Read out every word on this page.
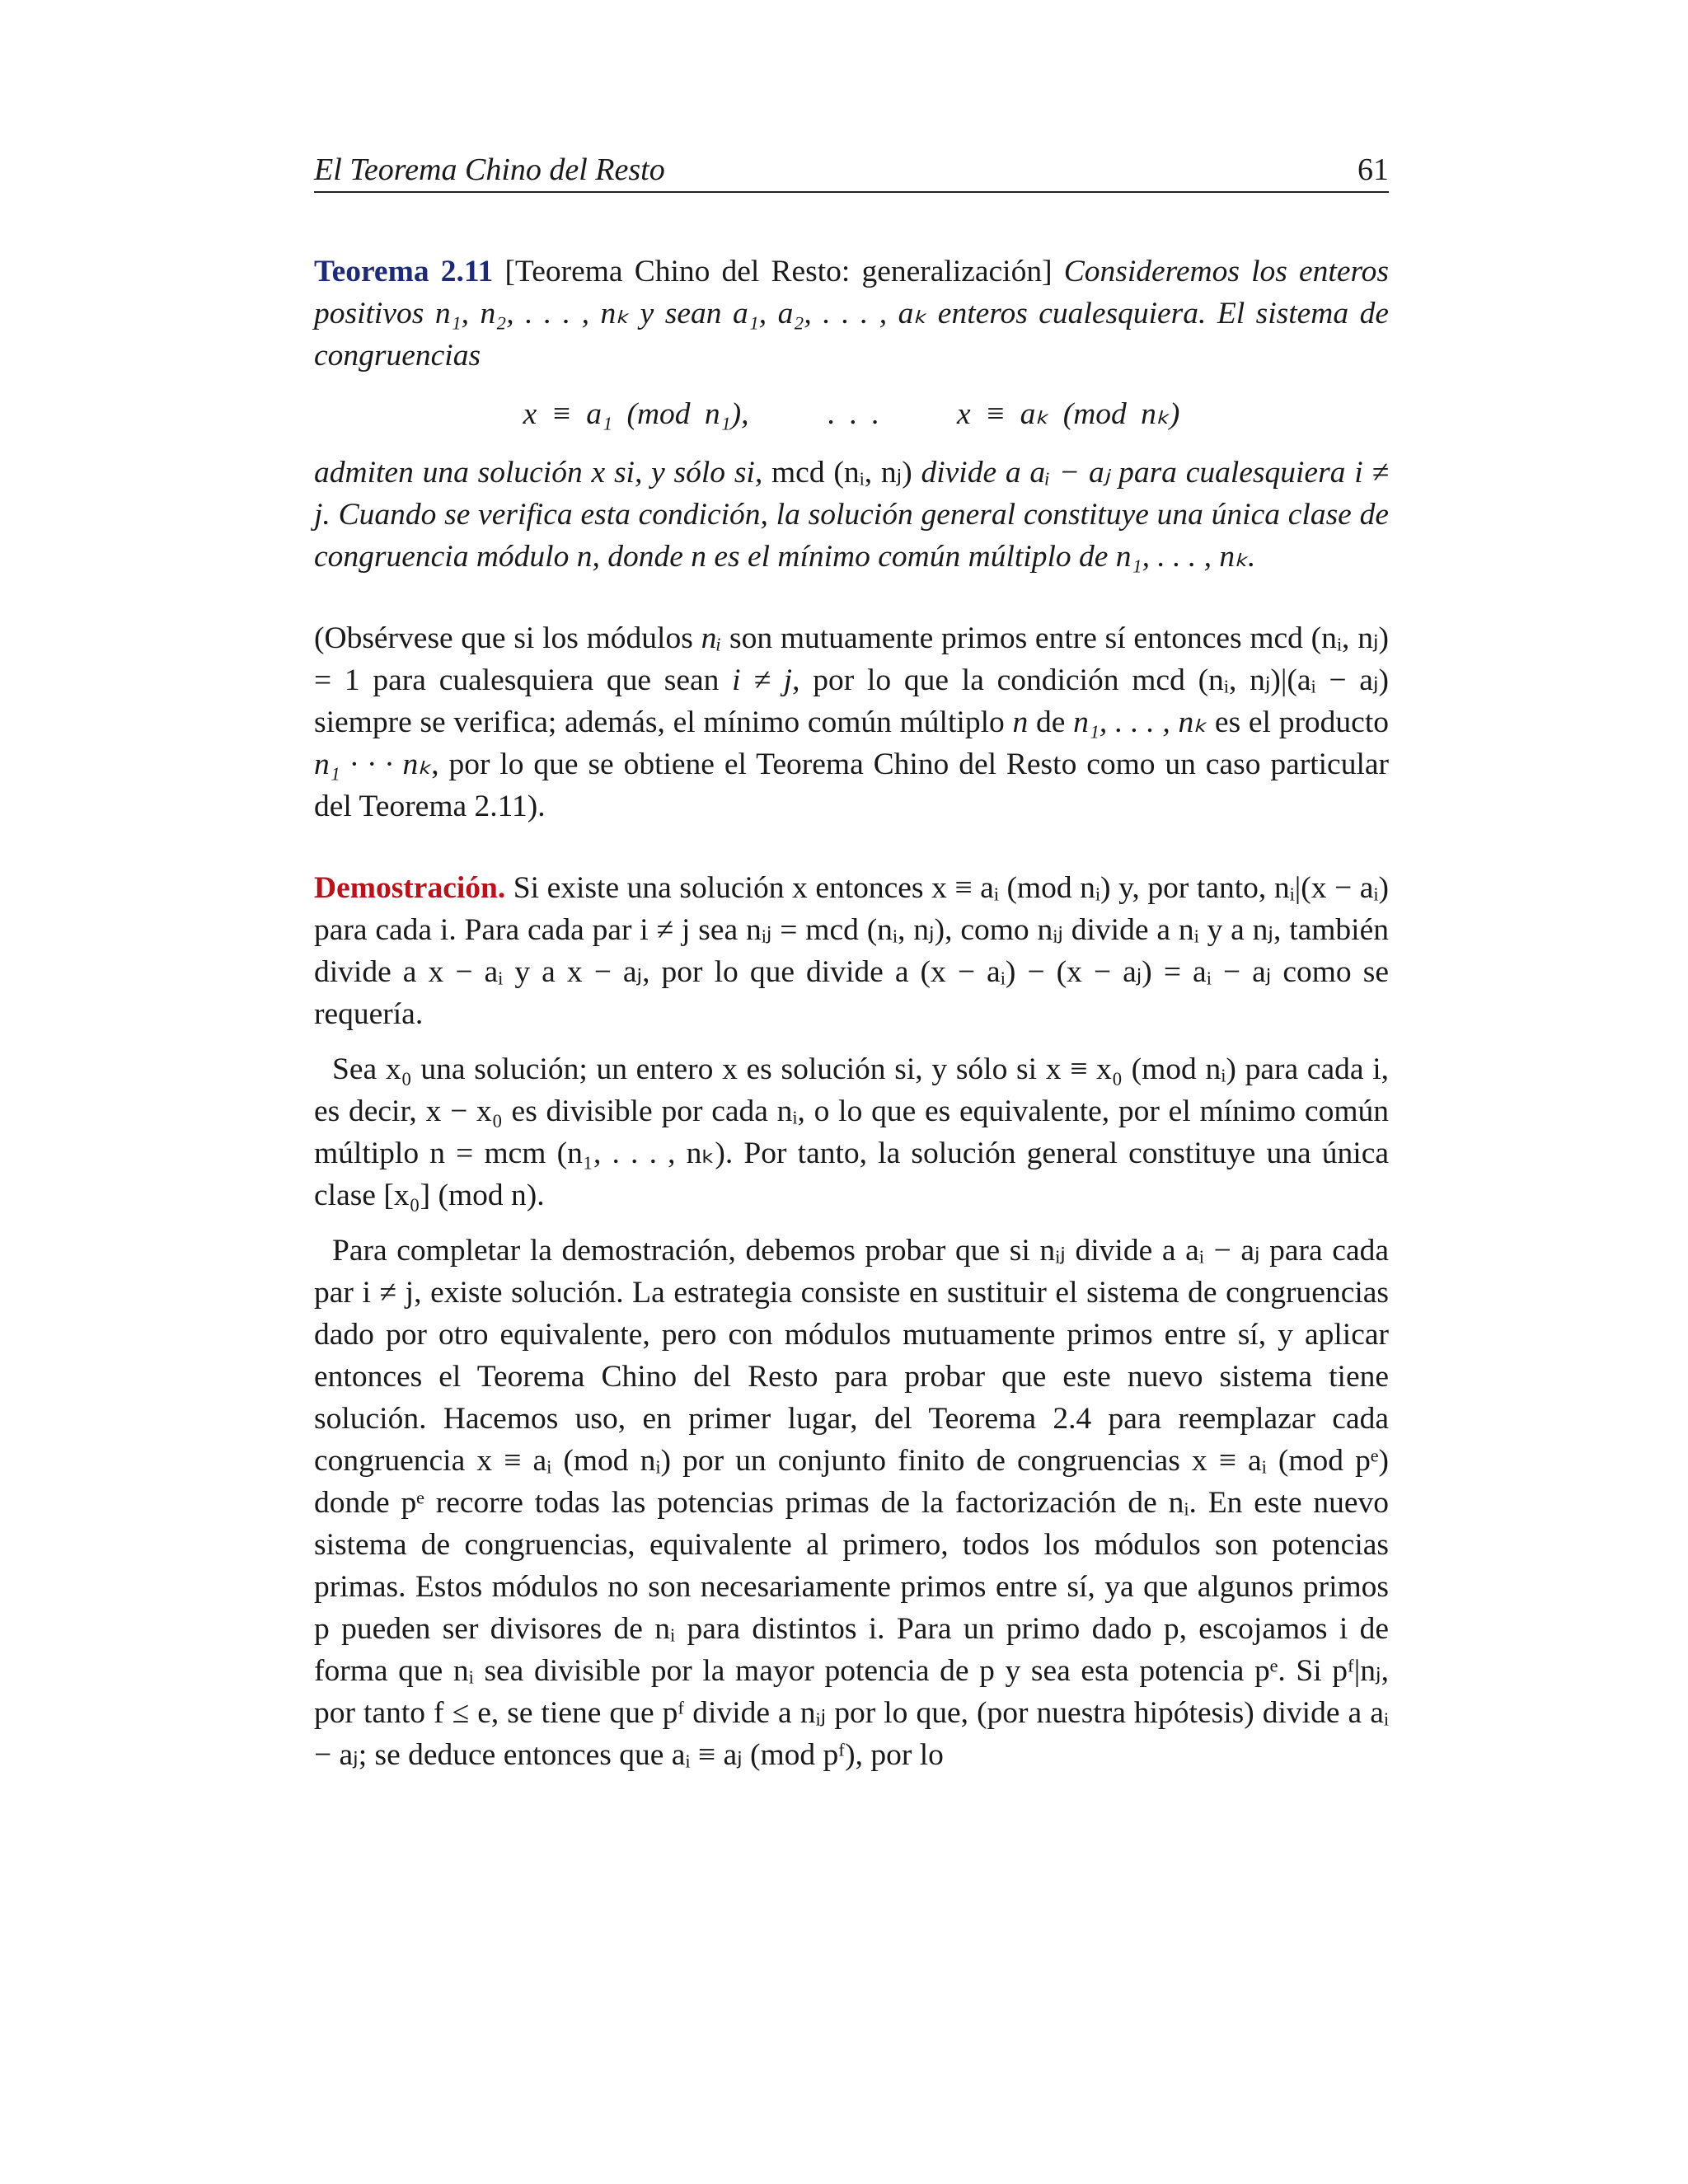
El Teorema Chino del Resto	61

Teorema 2.11 [Teorema Chino del Resto: generalización] Consideremos los enteros positivos n₁, n₂, . . . , nₖ y sean a₁, a₂, . . . , aₖ enteros cualesquiera. El sistema de congruencias

x ≡ a₁ (mod n₁),	. . .	x ≡ aₖ (mod nₖ)

admiten una solución x si, y sólo si, mcd (nᵢ, nⱼ) divide a aᵢ − aⱼ para cualesquiera i ≠ j. Cuando se verifica esta condición, la solución general constituye una única clase de congruencia módulo n, donde n es el mínimo común múltiplo de n₁, . . . , nₖ.

(Obsérvese que si los módulos nᵢ son mutuamente primos entre sí entonces mcd (nᵢ, nⱼ) = 1 para cualesquiera que sean i ≠ j, por lo que la condición mcd (nᵢ, nⱼ)|(aᵢ − aⱼ) siempre se verifica; además, el mínimo común múltiplo n de n₁, . . . , nₖ es el producto n₁ · · · nₖ, por lo que se obtiene el Teorema Chino del Resto como un caso particular del Teorema 2.11).

Demostración. Si existe una solución x entonces x ≡ aᵢ (mod nᵢ) y, por tanto, nᵢ|(x − aᵢ) para cada i. Para cada par i ≠ j sea nᵢⱼ = mcd (nᵢ, nⱼ), como nᵢⱼ divide a nᵢ y a nⱼ, también divide a x − aᵢ y a x − aⱼ, por lo que divide a (x − aᵢ) − (x − aⱼ) = aᵢ − aⱼ como se requería.

Sea x₀ una solución; un entero x es solución si, y sólo si x ≡ x₀ (mod nᵢ) para cada i, es decir, x − x₀ es divisible por cada nᵢ, o lo que es equivalente, por el mínimo común múltiplo n = mcm (n₁, . . . , nₖ). Por tanto, la solución general constituye una única clase [x₀] (mod n).

Para completar la demostración, debemos probar que si nᵢⱼ divide a aᵢ − aⱼ para cada par i ≠ j, existe solución. La estrategia consiste en sustituir el sistema de congruencias dado por otro equivalente, pero con módulos mutuamente primos entre sí, y aplicar entonces el Teorema Chino del Resto para probar que este nuevo sistema tiene solución. Hacemos uso, en primer lugar, del Teorema 2.4 para reemplazar cada congruencia x ≡ aᵢ (mod nᵢ) por un conjunto finito de congruencias x ≡ aᵢ (mod pᵉ) donde pᵉ recorre todas las potencias primas de la factorización de nᵢ. En este nuevo sistema de congruencias, equivalente al primero, todos los módulos son potencias primas. Estos módulos no son necesariamente primos entre sí, ya que algunos primos p pueden ser divisores de nᵢ para distintos i. Para un primo dado p, escojamos i de forma que nᵢ sea divisible por la mayor potencia de p y sea esta potencia pᵉ. Si pᶠ|nⱼ, por tanto f ≤ e, se tiene que pᶠ divide a nᵢⱼ por lo que, (por nuestra hipótesis) divide a aᵢ − aⱼ; se deduce entonces que aᵢ ≡ aⱼ (mod pᶠ), por lo
